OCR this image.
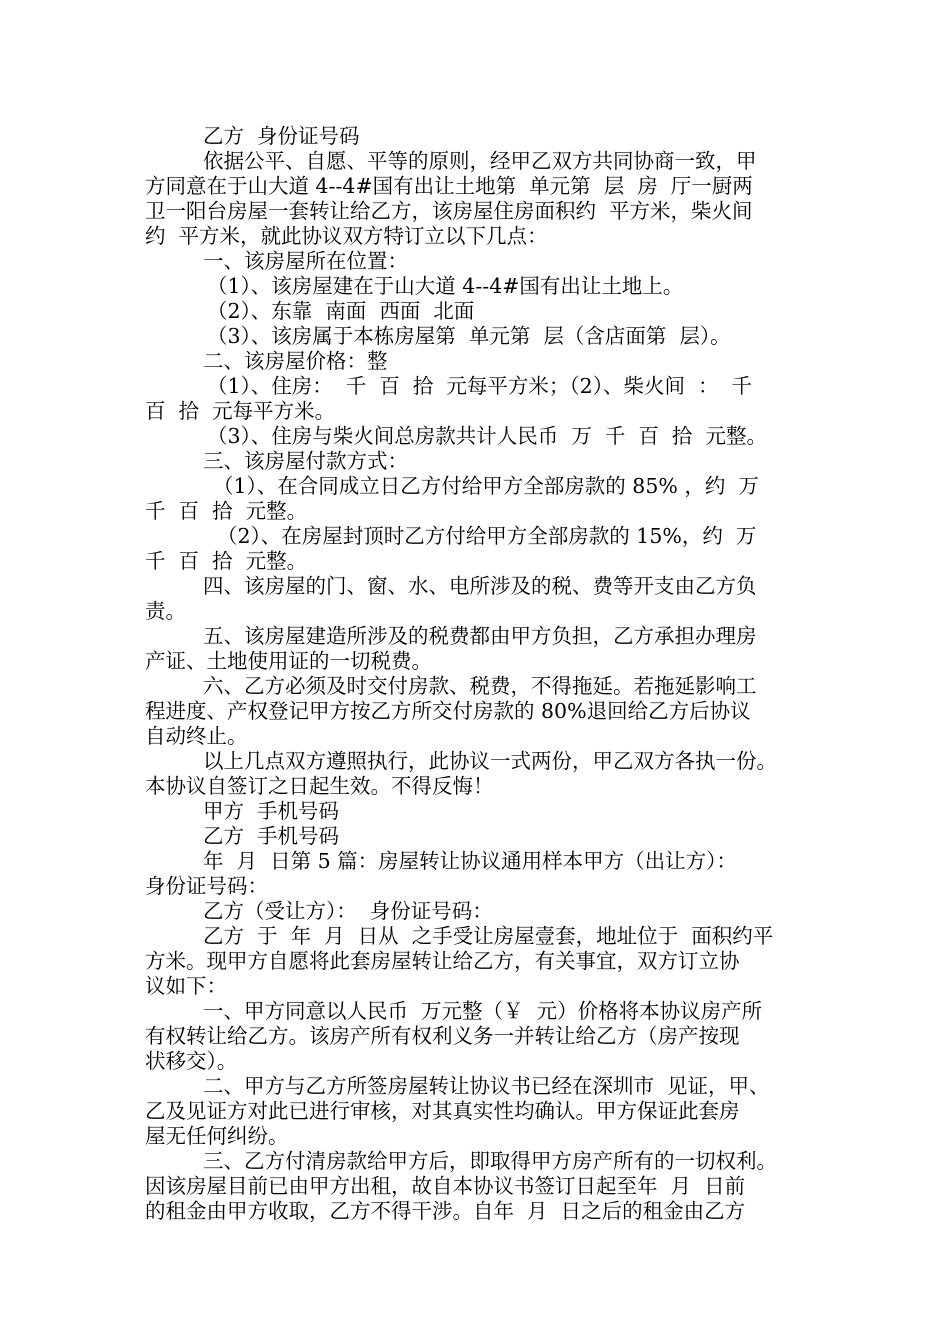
乙方  身份证号码
依据公平、自愿、平等的原则，经甲乙双方共同协商一致，甲
方同意在于山大道 4--4#国有出让土地第  单元第  层  房  厅一厨两
卫一阳台房屋一套转让给乙方，该房屋住房面积约  平方米，柴火间
约  平方米，就此协议双方特订立以下几点：
一、该房屋所在位置：
（1）、该房屋建在于山大道 4--4#国有出让土地上。
（2）、东靠  南面  西面  北面
（3）、该房属于本栋房屋第  单元第  层（含店面第  层）。
二、该房屋价格：整
（1）、住房：  千  百  拾  元每平方米；（2）、柴火间  ：  千
百  拾  元每平方米。
（3）、住房与柴火间总房款共计人民币  万  千  百  拾  元整。
三、该房屋付款方式：
（1）、在合同成立日乙方付给甲方全部房款的 85% ，约  万
千  百  拾  元整。
（2）、在房屋封顶时乙方付给甲方全部房款的 15%，约  万
千  百  拾  元整。
四、该房屋的门、窗、水、电所涉及的税、费等开支由乙方负
责。
五、该房屋建造所涉及的税费都由甲方负担，乙方承担办理房
产证、土地使用证的一切税费。
六、乙方必须及时交付房款、税费，不得拖延。若拖延影响工
程进度、产权登记甲方按乙方所交付房款的 80%退回给乙方后协议
自动终止。
以上几点双方遵照执行，此协议一式两份，甲乙双方各执一份。
本协议自签订之日起生效。不得反悔！
甲方  手机号码
乙方  手机号码
年  月  日第 5 篇：房屋转让协议通用样本甲方（出让方）：
身份证号码：
乙方（受让方）：  身份证号码：
乙方  于  年  月  日从  之手受让房屋壹套，地址位于  面积约平
方米。现甲方自愿将此套房屋转让给乙方，有关事宜，双方订立协
议如下：
一、甲方同意以人民币  万元整（￥  元）价格将本协议房产所
有权转让给乙方。该房产所有权利义务一并转让给乙方（房产按现
状移交）。
二、甲方与乙方所签房屋转让协议书已经在深圳市  见证，甲、
乙及见证方对此已进行审核，对其真实性均确认。甲方保证此套房
屋无任何纠纷。
三、乙方付清房款给甲方后，即取得甲方房产所有的一切权利。
因该房屋目前已由甲方出租，故自本协议书签订日起至年  月  日前
的租金由甲方收取，乙方不得干涉。自年  月  日之后的租金由乙方
